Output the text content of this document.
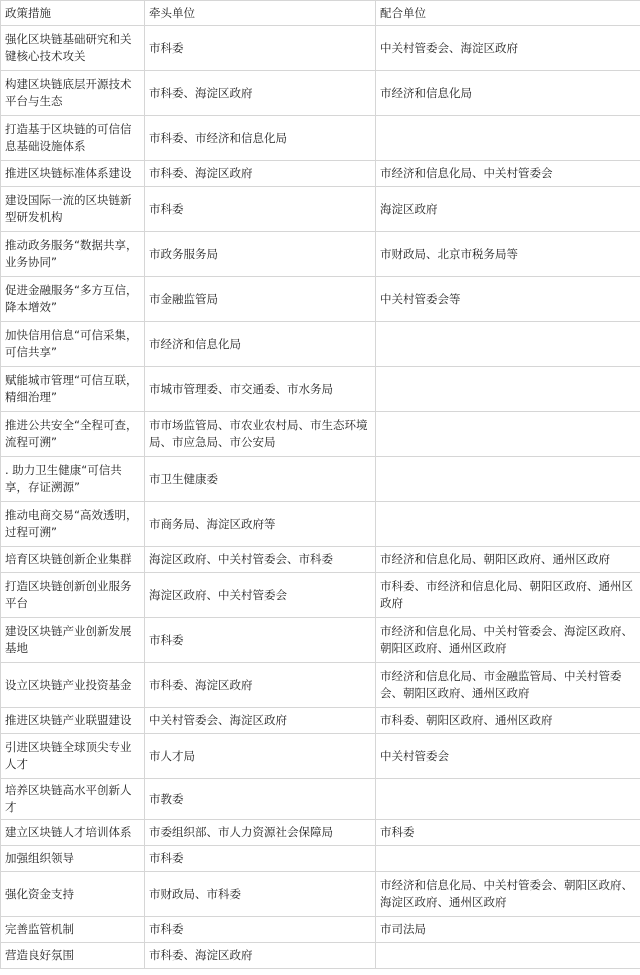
政策措施	牵头单位	配合单位
强化区块链基础研究和关键核心技术攻关	市科委	中关村管委会、海淀区政府
构建区块链底层开源技术平台与生态	市科委、海淀区政府	市经济和信息化局
打造基于区块链的可信信息基础设施体系	市科委、市经济和信息化局	
推进区块链标准体系建设	市科委、海淀区政府	市经济和信息化局、中关村管委会
建设国际一流的区块链新型研发机构	市科委	海淀区政府
推动政务服务“数据共享，业务协同”	市政务服务局	市财政局、北京市税务局等
促进金融服务“多方互信，降本增效”	市金融监管局	中关村管委会等
加快信用信息“可信采集，可信共享”	市经济和信息化局	
赋能城市管理“可信互联，精细治理”	市城市管理委、市交通委、市水务局	
推进公共安全“全程可查，流程可溯”	市市场监管局、市农业农村局、市生态环境局、市应急局、市公安局	
. 助力卫生健康“可信共享，存证溯源”	市卫生健康委	
推动电商交易“高效透明，过程可溯”	市商务局、海淀区政府等	
培育区块链创新企业集群	海淀区政府、中关村管委会、市科委	市经济和信息化局、朝阳区政府、通州区政府
打造区块链创新创业服务平台	海淀区政府、中关村管委会	市科委、市经济和信息化局、朝阳区政府、通州区政府
建设区块链产业创新发展基地	市科委	市经济和信息化局、中关村管委会、海淀区政府、朝阳区政府、通州区政府
设立区块链产业投资基金	市科委、海淀区政府	市经济和信息化局、市金融监管局、中关村管委会、朝阳区政府、通州区政府
推进区块链产业联盟建设	中关村管委会、海淀区政府	市科委、朝阳区政府、通州区政府
引进区块链全球顶尖专业人才	市人才局	中关村管委会
培养区块链高水平创新人才	市教委	
建立区块链人才培训体系	市委组织部、市人力资源社会保障局	市科委
加强组织领导	市科委	
强化资金支持	市财政局、市科委	市经济和信息化局、中关村管委会、朝阳区政府、海淀区政府、通州区政府
完善监管机制	市科委	市司法局
营造良好氛围	市科委、海淀区政府	
